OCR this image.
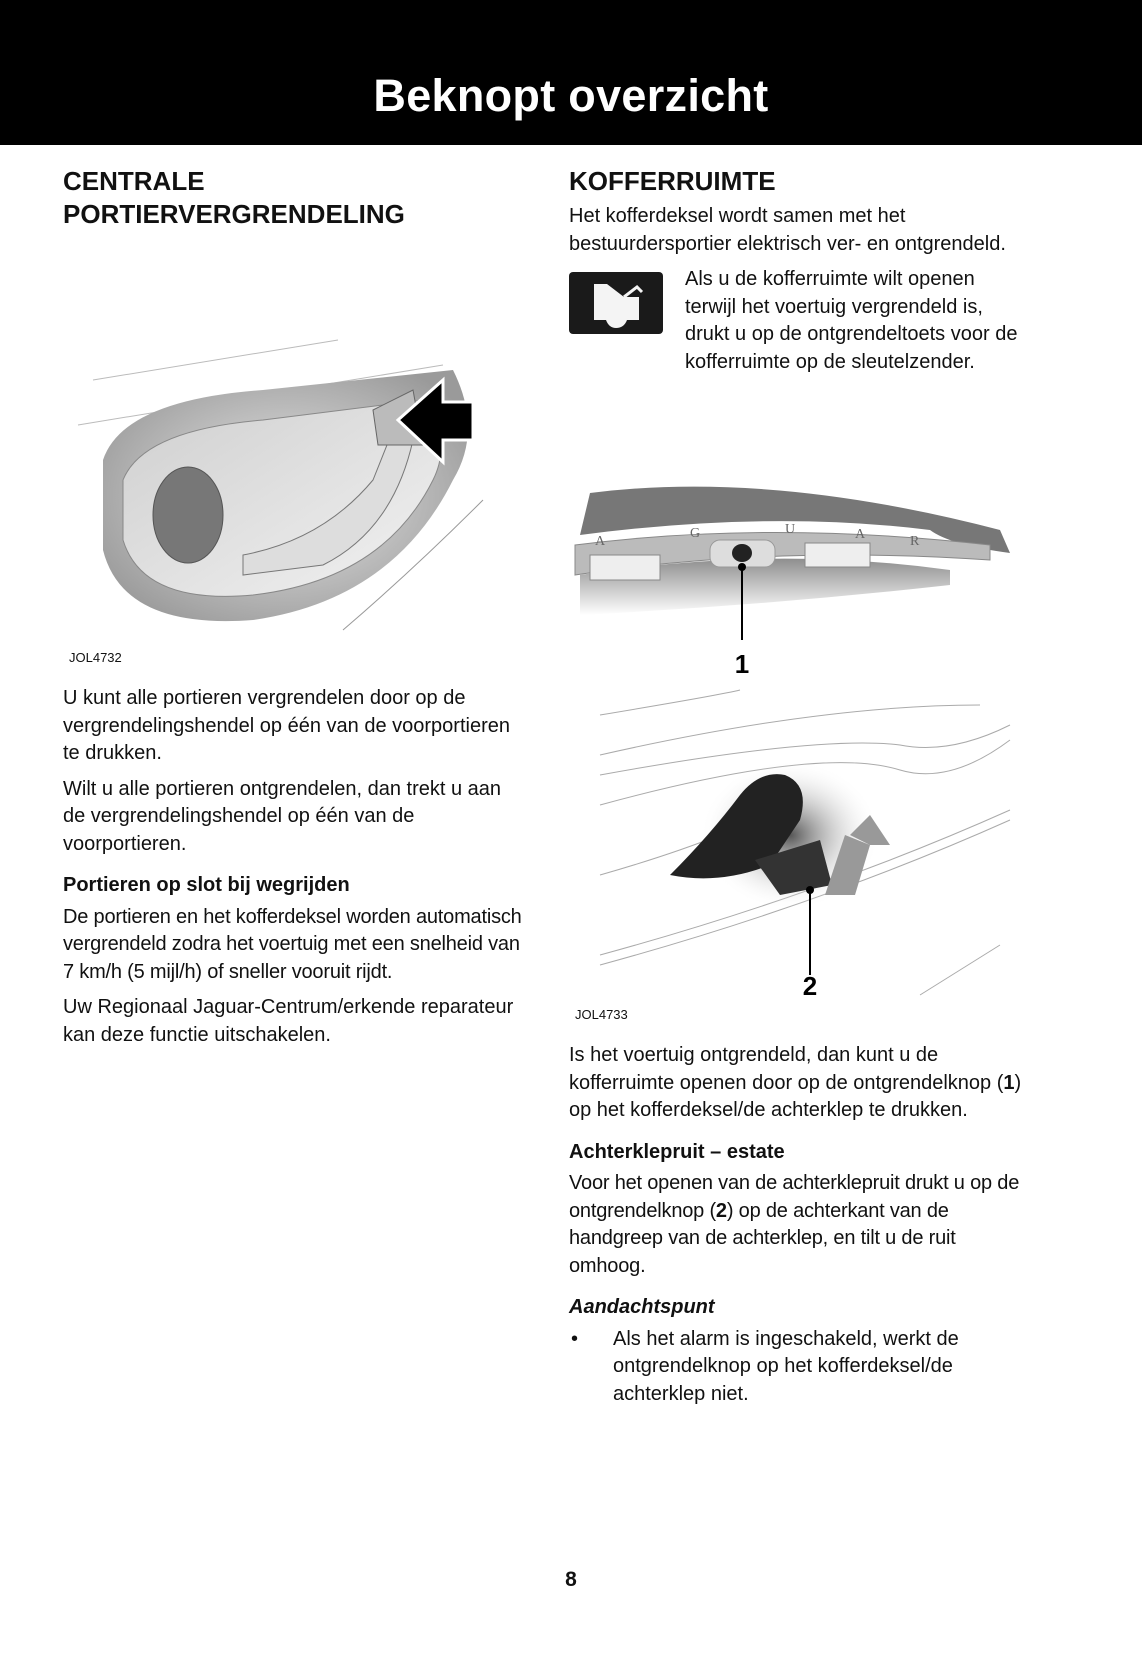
Beknopt overzicht
CENTRALE
PORTIERVERGRENDELING
JOL4732

U kunt alle portieren vergrendelen door op de vergrendelingshendel op één van de voorportieren te drukken.

Wilt u alle portieren ontgrendelen, dan trekt u aan de vergrendelingshendel op één van de voorportieren.

Portieren op slot bij wegrijden

De portieren en het kofferdeksel worden automatisch vergrendeld zodra het voertuig met een snelheid van 7 km/h (5 mijl/h) of sneller vooruit rijdt.

Uw Regionaal Jaguar-Centrum/erkende reparateur kan deze functie uitschakelen.

KOFFERRUIMTE

Het kofferdeksel wordt samen met het bestuurdersportier elektrisch ver- en ontgrendeld.

Als u de kofferruimte wilt openen terwijl het voertuig vergrendeld is, drukt u op de ontgrendeltoets voor de kofferruimte op de sleutelzender.

A
G	U	A	R
1
2
JOL4733

Is het voertuig ontgrendeld, dan kunt u de kofferruimte openen door op de ontgrendelknop (1) op het kofferdeksel/de achterklep te drukken.

Achterklepruit – estate

Voor het openen van de achterklepruit drukt u op de ontgrendelknop (2) op de achterkant van de handgreep van de achterklep, en tilt u de ruit omhoog.

Aandachtspunt
•	Als het alarm is ingeschakeld, werkt de ontgrendelknop op het kofferdeksel/de achterklep niet.
8
